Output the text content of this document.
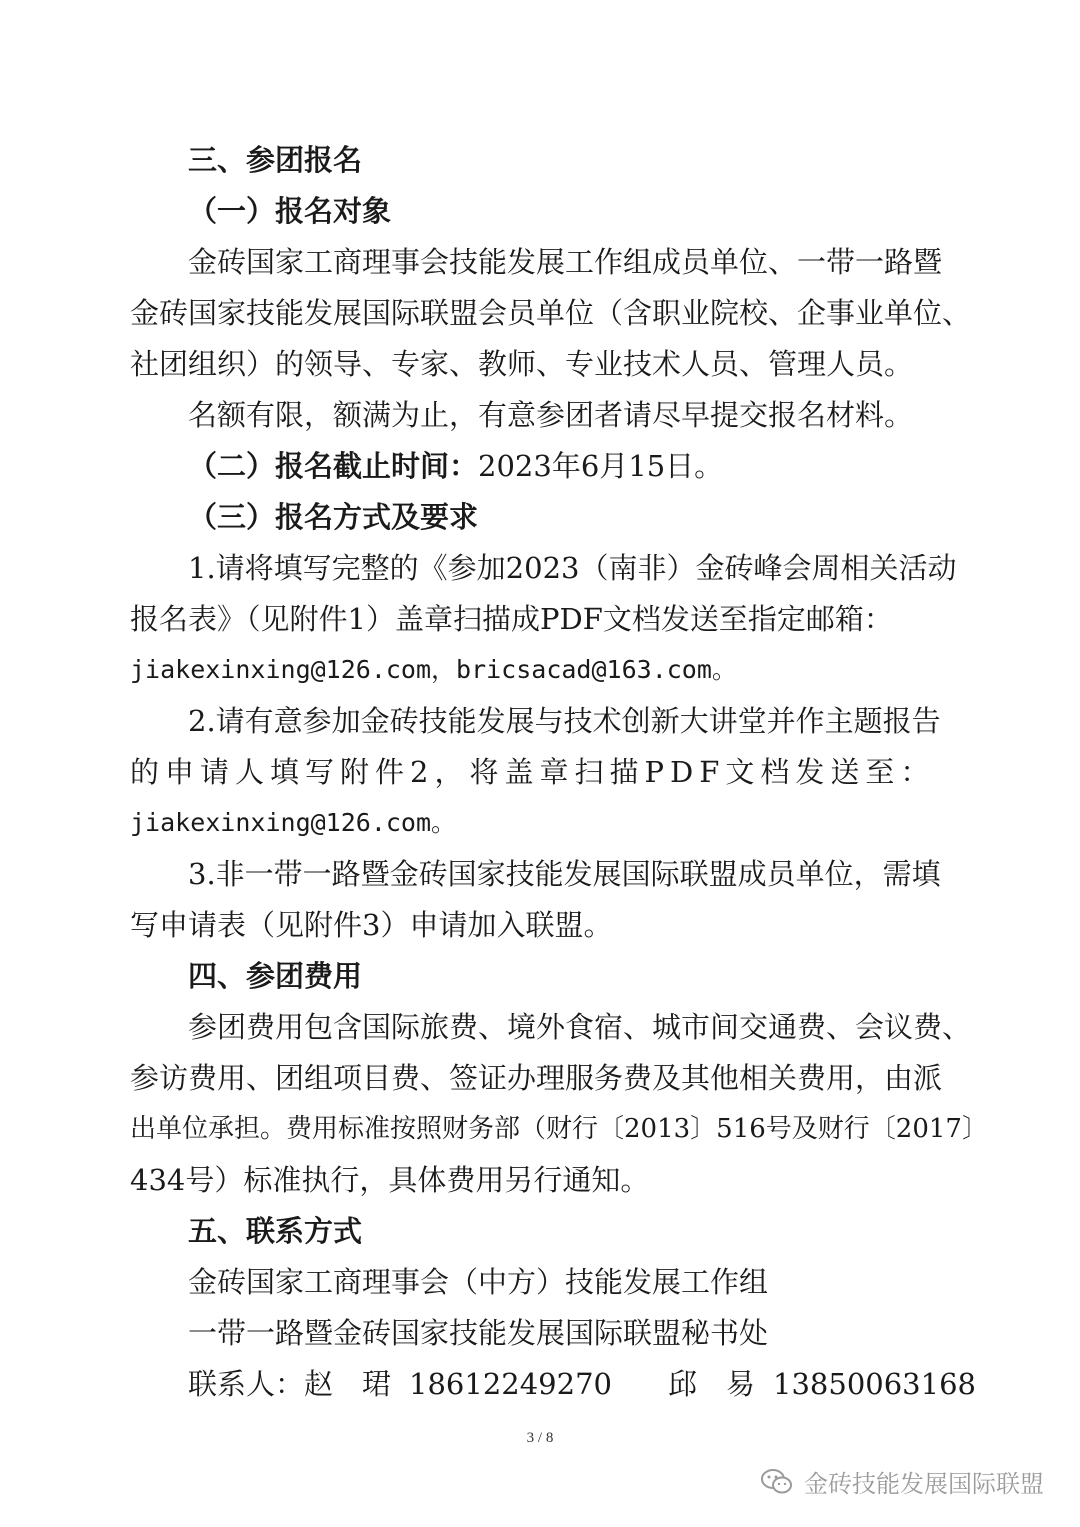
三、参团报名
（一）报名对象
金砖国家工商理事会技能发展工作组成员单位、一带一路暨
金砖国家技能发展国际联盟会员单位（含职业院校、企事业单位、
社团组织）的领导、专家、教师、专业技术人员、管理人员。
名额有限，额满为止，有意参团者请尽早提交报名材料。
（二）报名截止时间：2023年6月15日。
（三）报名方式及要求
1.请将填写完整的《参加2023（南非）金砖峰会周相关活动
报名表》（见附件1）盖章扫描成PDF文档发送至指定邮箱：
jiakexinxing@126.com，bricsacad@163.com。
2.请有意参加金砖技能发展与技术创新大讲堂并作主题报告
的申请人填写附件2，将盖章扫描PDF文档发送至：
jiakexinxing@126.com。
3.非一带一路暨金砖国家技能发展国际联盟成员单位，需填
写申请表（见附件3）申请加入联盟。
四、参团费用
参团费用包含国际旅费、境外食宿、城市间交通费、会议费、
参访费用、团组项目费、签证办理服务费及其他相关费用，由派
出单位承担。费用标准按照财务部（财行〔2013〕516号及财行〔2017〕
434号）标准执行，具体费用另行通知。
五、联系方式
金砖国家工商理事会（中方）技能发展工作组
一带一路暨金砖国家技能发展国际联盟秘书处
联系人：赵　珺 18612249270 邱　易 13850063168
3 / 8
金砖技能发展国际联盟
